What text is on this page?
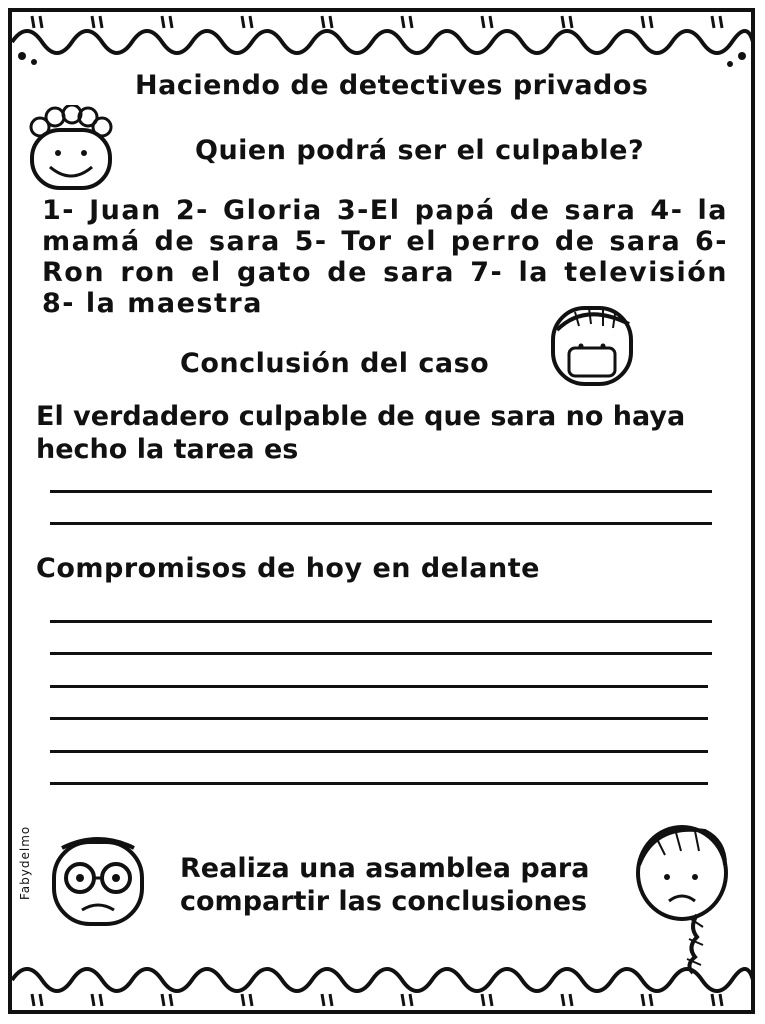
Haciendo de detectives privados
Quien podrá ser el culpable?
1- Juan 2- Gloria 3-El papá de sara 4- la mamá de sara 5- Tor el perro de sara 6- Ron ron el gato de sara 7- la televisión 8- la maestra
Conclusión del caso
El verdadero culpable de que sara no haya hecho la tarea es
Compromisos de hoy en delante
Fabydelmo	Realiza una asamblea para compartir las conclusiones
